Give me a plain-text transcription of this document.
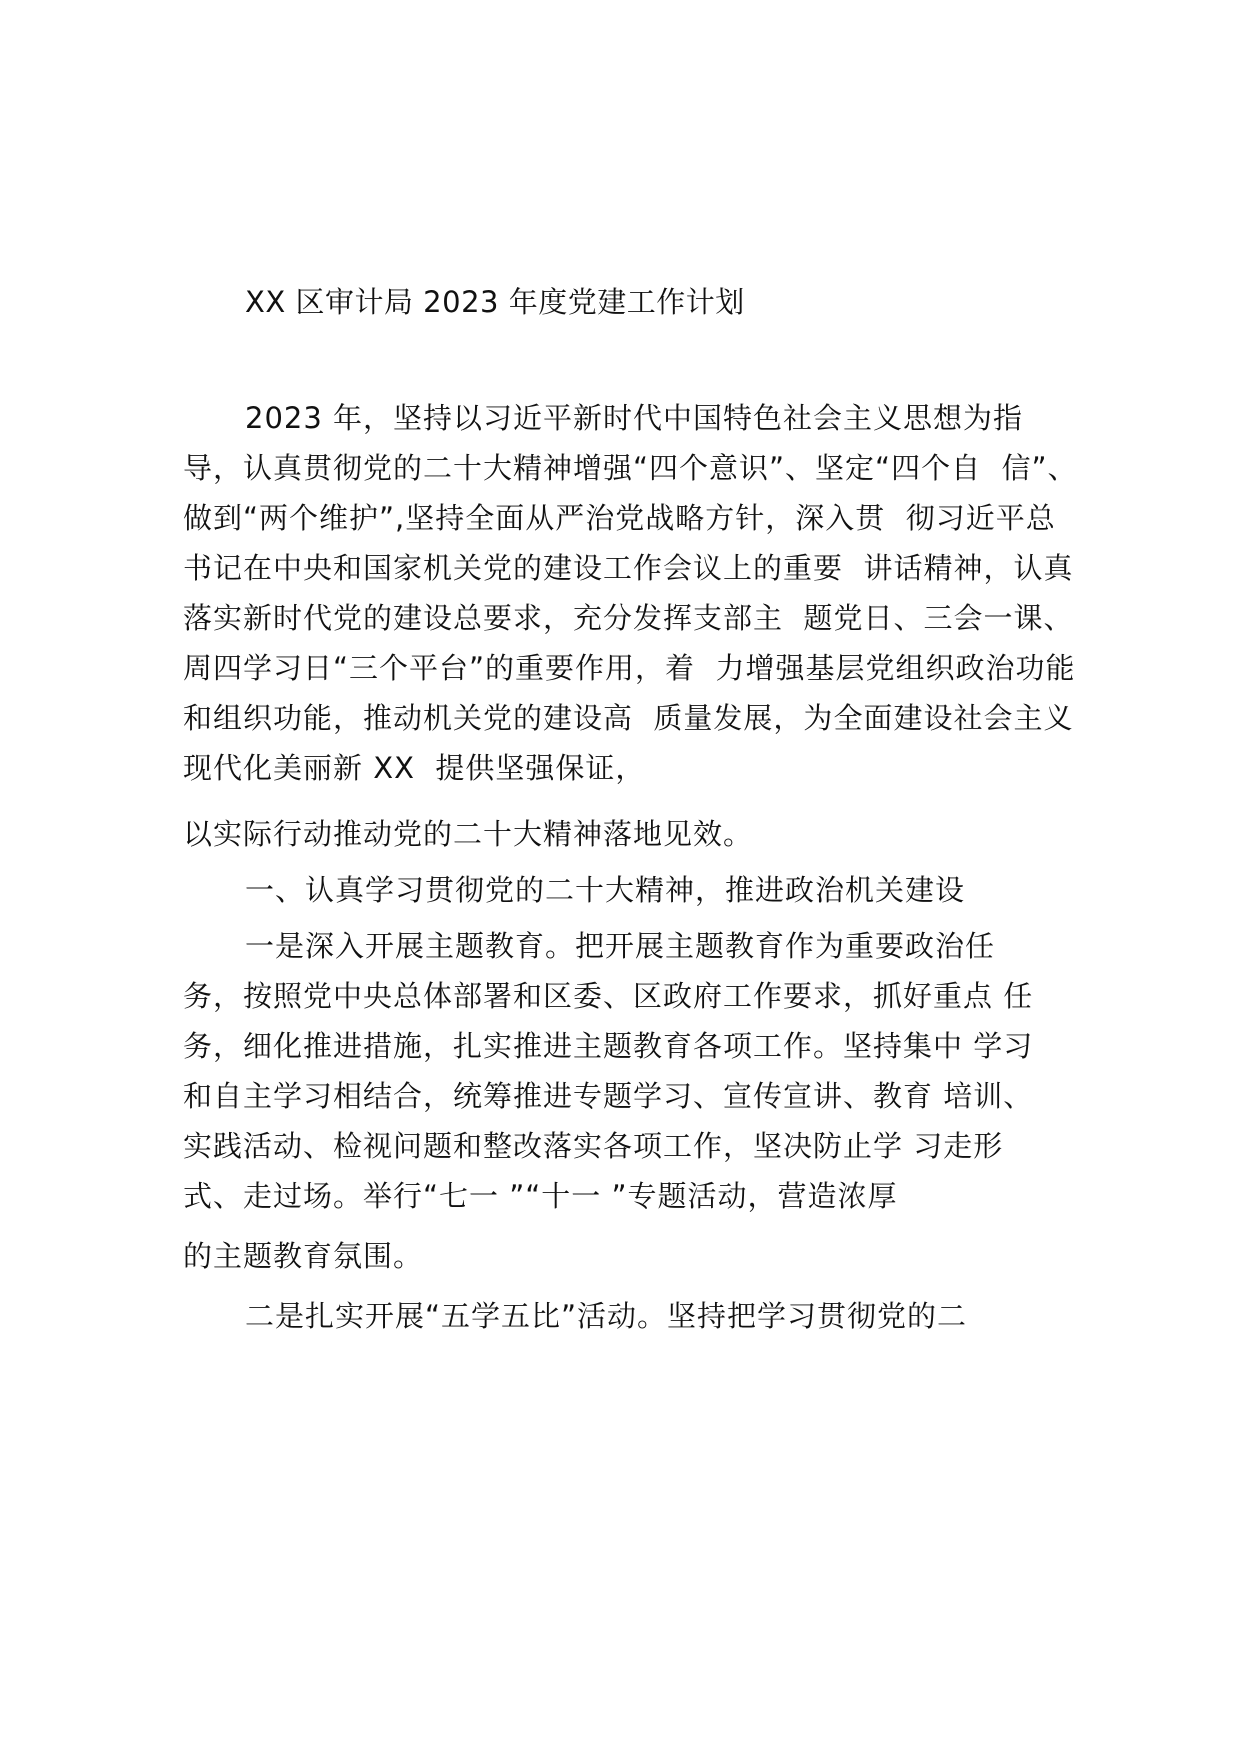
XX 区审计局 2023 年度党建工作计划
2023 年，坚持以习近平新时代中国特色社会主义思想为指
导，认真贯彻党的二十大精神增强“四个意识”、坚定“四个自  信”、
做到“两个维护”,坚持全面从严治党战略方针，深入贯  彻习近平总
书记在中央和国家机关党的建设工作会议上的重要  讲话精神，认真
落实新时代党的建设总要求，充分发挥支部主  题党日、三会一课、
周四学习日“三个平台”的重要作用，着  力增强基层党组织政治功能
和组织功能，推动机关党的建设高  质量发展，为全面建设社会主义
现代化美丽新 XX  提供坚强保证，
以实际行动推动党的二十大精神落地见效。
一、认真学习贯彻党的二十大精神，推进政治机关建设
一是深入开展主题教育。把开展主题教育作为重要政治任
务，按照党中央总体部署和区委、区政府工作要求，抓好重点 任
务，细化推进措施，扎实推进主题教育各项工作。坚持集中 学习
和自主学习相结合，统筹推进专题学习、宣传宣讲、教育 培训、
实践活动、检视问题和整改落实各项工作，坚决防止学 习走形
式、走过场。举行“七一 ”“十一 ”专题活动，营造浓厚
的主题教育氛围。
二是扎实开展“五学五比”活动。坚持把学习贯彻党的二
